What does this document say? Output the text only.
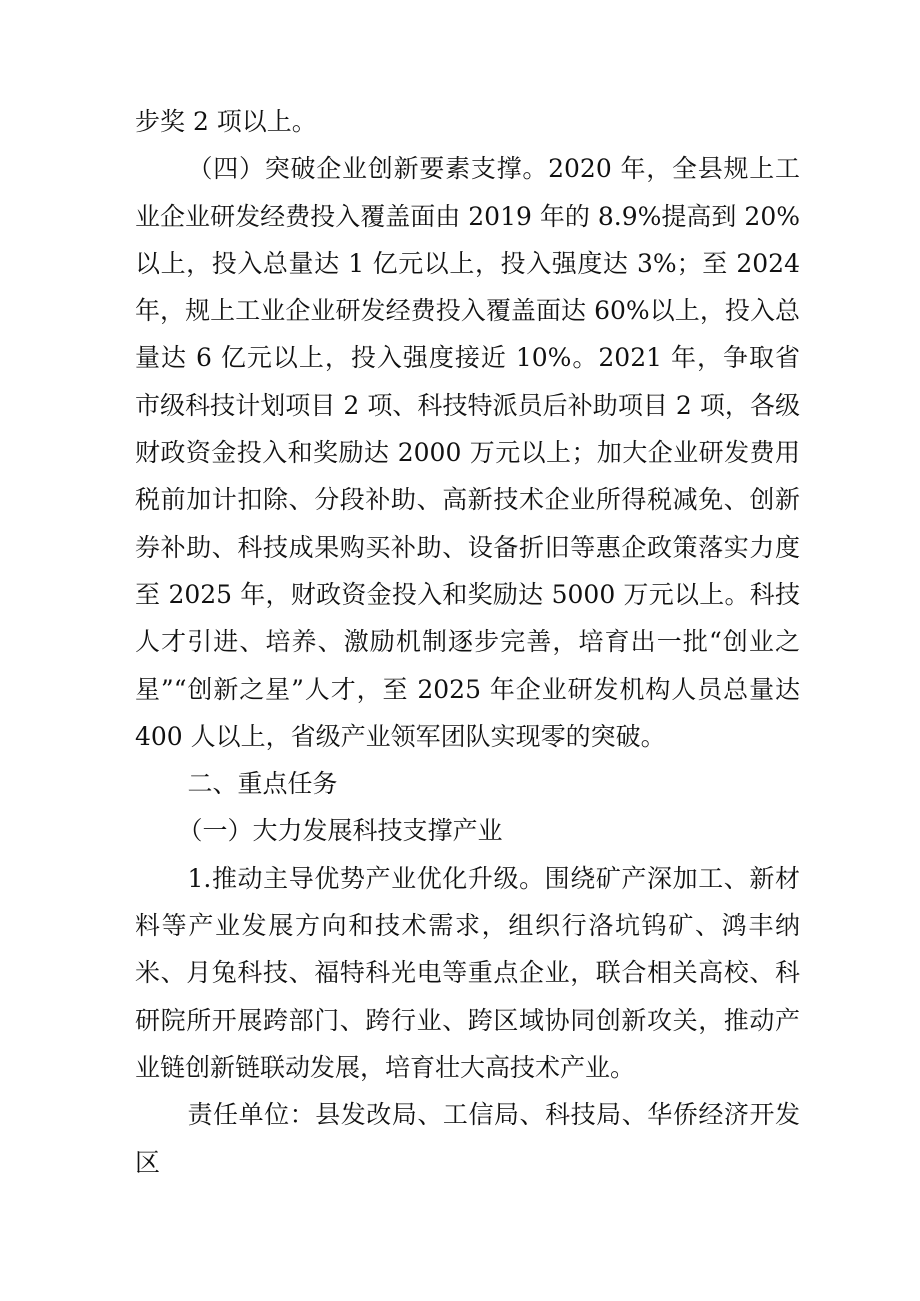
步奖 2 项以上。

（四）突破企业创新要素支撑。2020 年，全县规上工业企业研发经费投入覆盖面由 2019 年的 8.9%提高到 20%以上，投入总量达 1 亿元以上，投入强度达 3%；至 2024 年，规上工业企业研发经费投入覆盖面达 60%以上，投入总量达 6 亿元以上，投入强度接近 10%。2021 年，争取省市级科技计划项目 2 项、科技特派员后补助项目 2 项，各级财政资金投入和奖励达 2000 万元以上；加大企业研发费用税前加计扣除、分段补助、高新技术企业所得税减免、创新券补助、科技成果购买补助、设备折旧等惠企政策落实力度至 2025 年，财政资金投入和奖励达 5000 万元以上。科技人才引进、培养、激励机制逐步完善，培育出一批“创业之星”“创新之星”人才，至 2025 年企业研发机构人员总量达 400 人以上，省级产业领军团队实现零的突破。

二、重点任务

（一）大力发展科技支撑产业

1.推动主导优势产业优化升级。围绕矿产深加工、新材料等产业发展方向和技术需求，组织行洛坑钨矿、鸿丰纳米、月兔科技、福特科光电等重点企业，联合相关高校、科研院所开展跨部门、跨行业、跨区域协同创新攻关，推动产业链创新链联动发展，培育壮大高技术产业。

责任单位：县发改局、工信局、科技局、华侨经济开发区
